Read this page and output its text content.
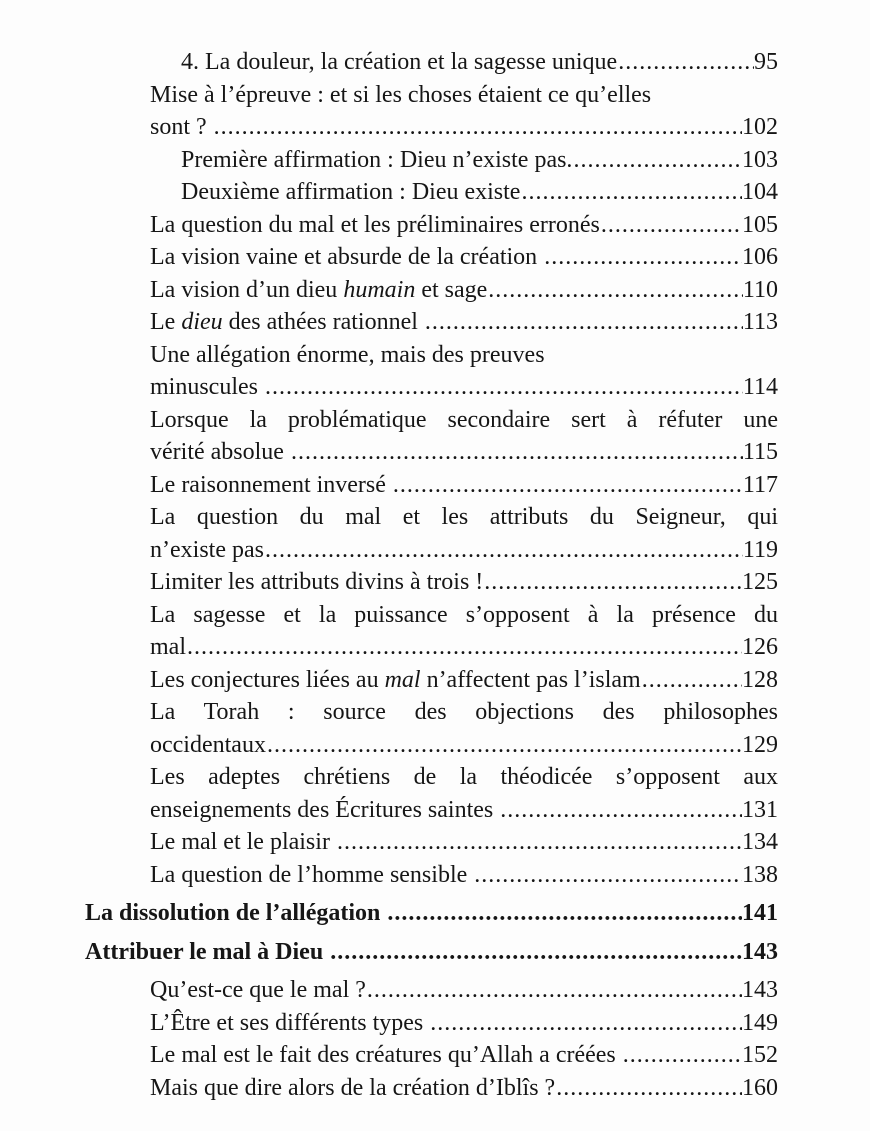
4. La douleur, la création et la sagesse unique .....	95
Mise à l’épreuve : et si les choses étaient ce qu’elles
sont ? .....	102
Première affirmation : Dieu n’existe pas. .....	103
Deuxième affirmation : Dieu existe .....	104
La question du mal et les préliminaires erronés .....	105
La vision vaine et absurde de la création .....	106
La vision d’un dieu humain et sage .....	110
Le dieu des athées rationnel .....	113
Une allégation énorme, mais des preuves
minuscules .....	114
Lorsque la problématique secondaire sert à réfuter une
vérité absolue .....	115
Le raisonnement inversé .....	117
La question du mal et les attributs du Seigneur, qui
n’existe pas .....	119
Limiter les attributs divins à trois ! .....	125
La sagesse et la puissance s’opposent à la présence du
mal .....	126
Les conjectures liées au mal n’affectent pas l’islam .....	128
La Torah : source des objections des philosophes
occidentaux .....	129
Les adeptes chrétiens de la théodicée s’opposent aux
enseignements des Écritures saintes .....	131
Le mal et le plaisir .....	134
La question de l’homme sensible .....	138
La dissolution de l’allégation .....	141
Attribuer le mal à Dieu .....	143
Qu’est-ce que le mal ? .....	143
L’Être et ses différents types .....	149
Le mal est le fait des créatures qu’Allah a créées .....	152
Mais que dire alors de la création d’Iblîs ? .....	160
